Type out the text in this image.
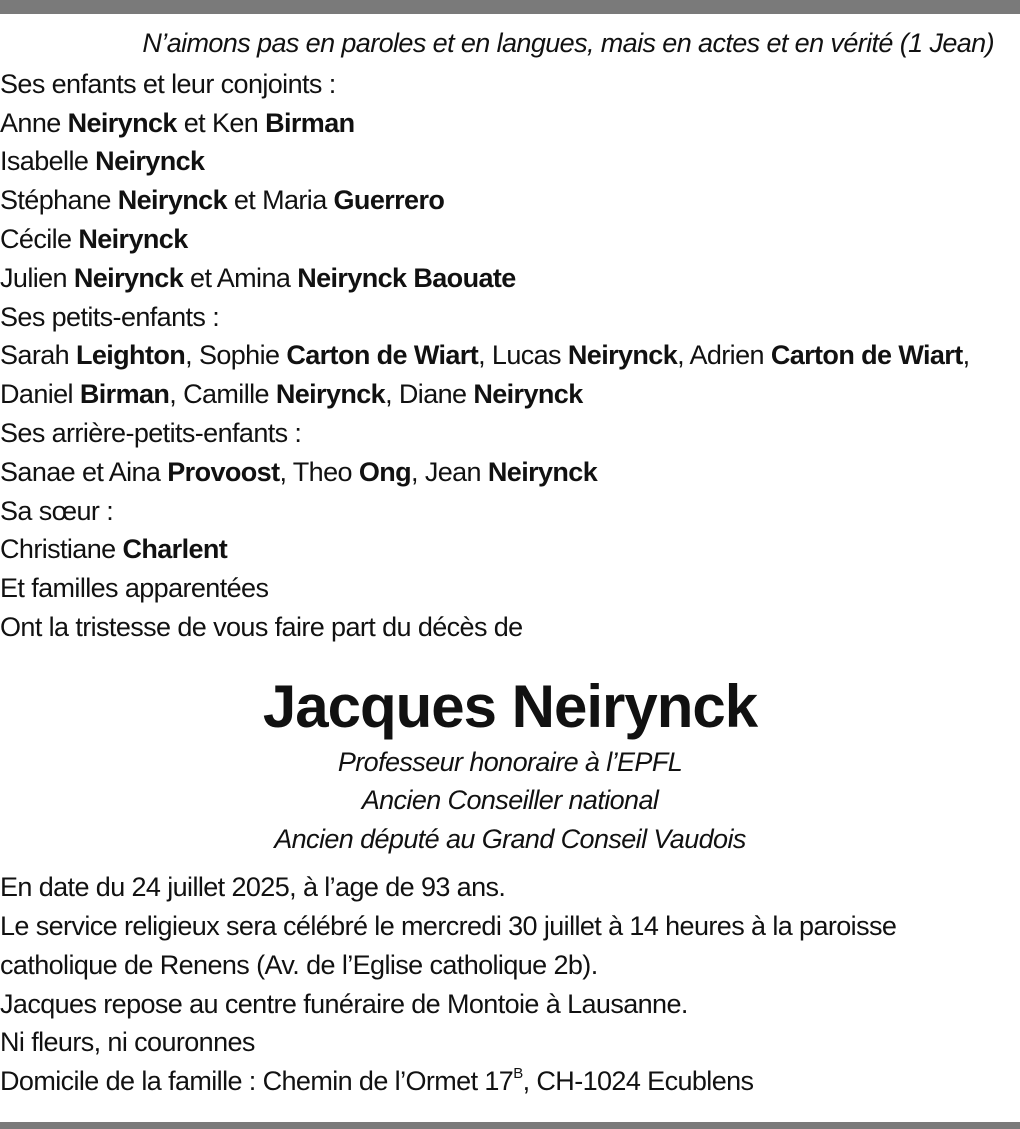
N’aimons pas en paroles et en langues, mais en actes et en vérité (1 Jean)
Ses enfants et leur conjoints :
Anne Neirynck et Ken Birman
Isabelle Neirynck
Stéphane Neirynck et Maria Guerrero
Cécile Neirynck
Julien Neirynck et Amina Neirynck Baouate
Ses petits-enfants :
Sarah Leighton, Sophie Carton de Wiart, Lucas Neirynck, Adrien Carton de Wiart, Daniel Birman, Camille Neirynck, Diane Neirynck
Ses arrière-petits-enfants :
Sanae et Aina Provoost, Theo Ong, Jean Neirynck
Sa sœur :
Christiane Charlent
Et familles apparentées
Ont la tristesse de vous faire part du décès de
Jacques Neirynck
Professeur honoraire à l’EPFL
Ancien Conseiller national
Ancien député au Grand Conseil Vaudois
En date du 24 juillet 2025, à l’age de 93 ans.
Le service religieux sera célébré le mercredi 30 juillet à 14 heures à la paroisse catholique de Renens (Av. de l’Eglise catholique 2b).
Jacques repose au centre funéraire de Montoie à Lausanne.
Ni fleurs, ni couronnes
Domicile de la famille : Chemin de l’Ormet $17^B$, CH-1024 Ecublens
